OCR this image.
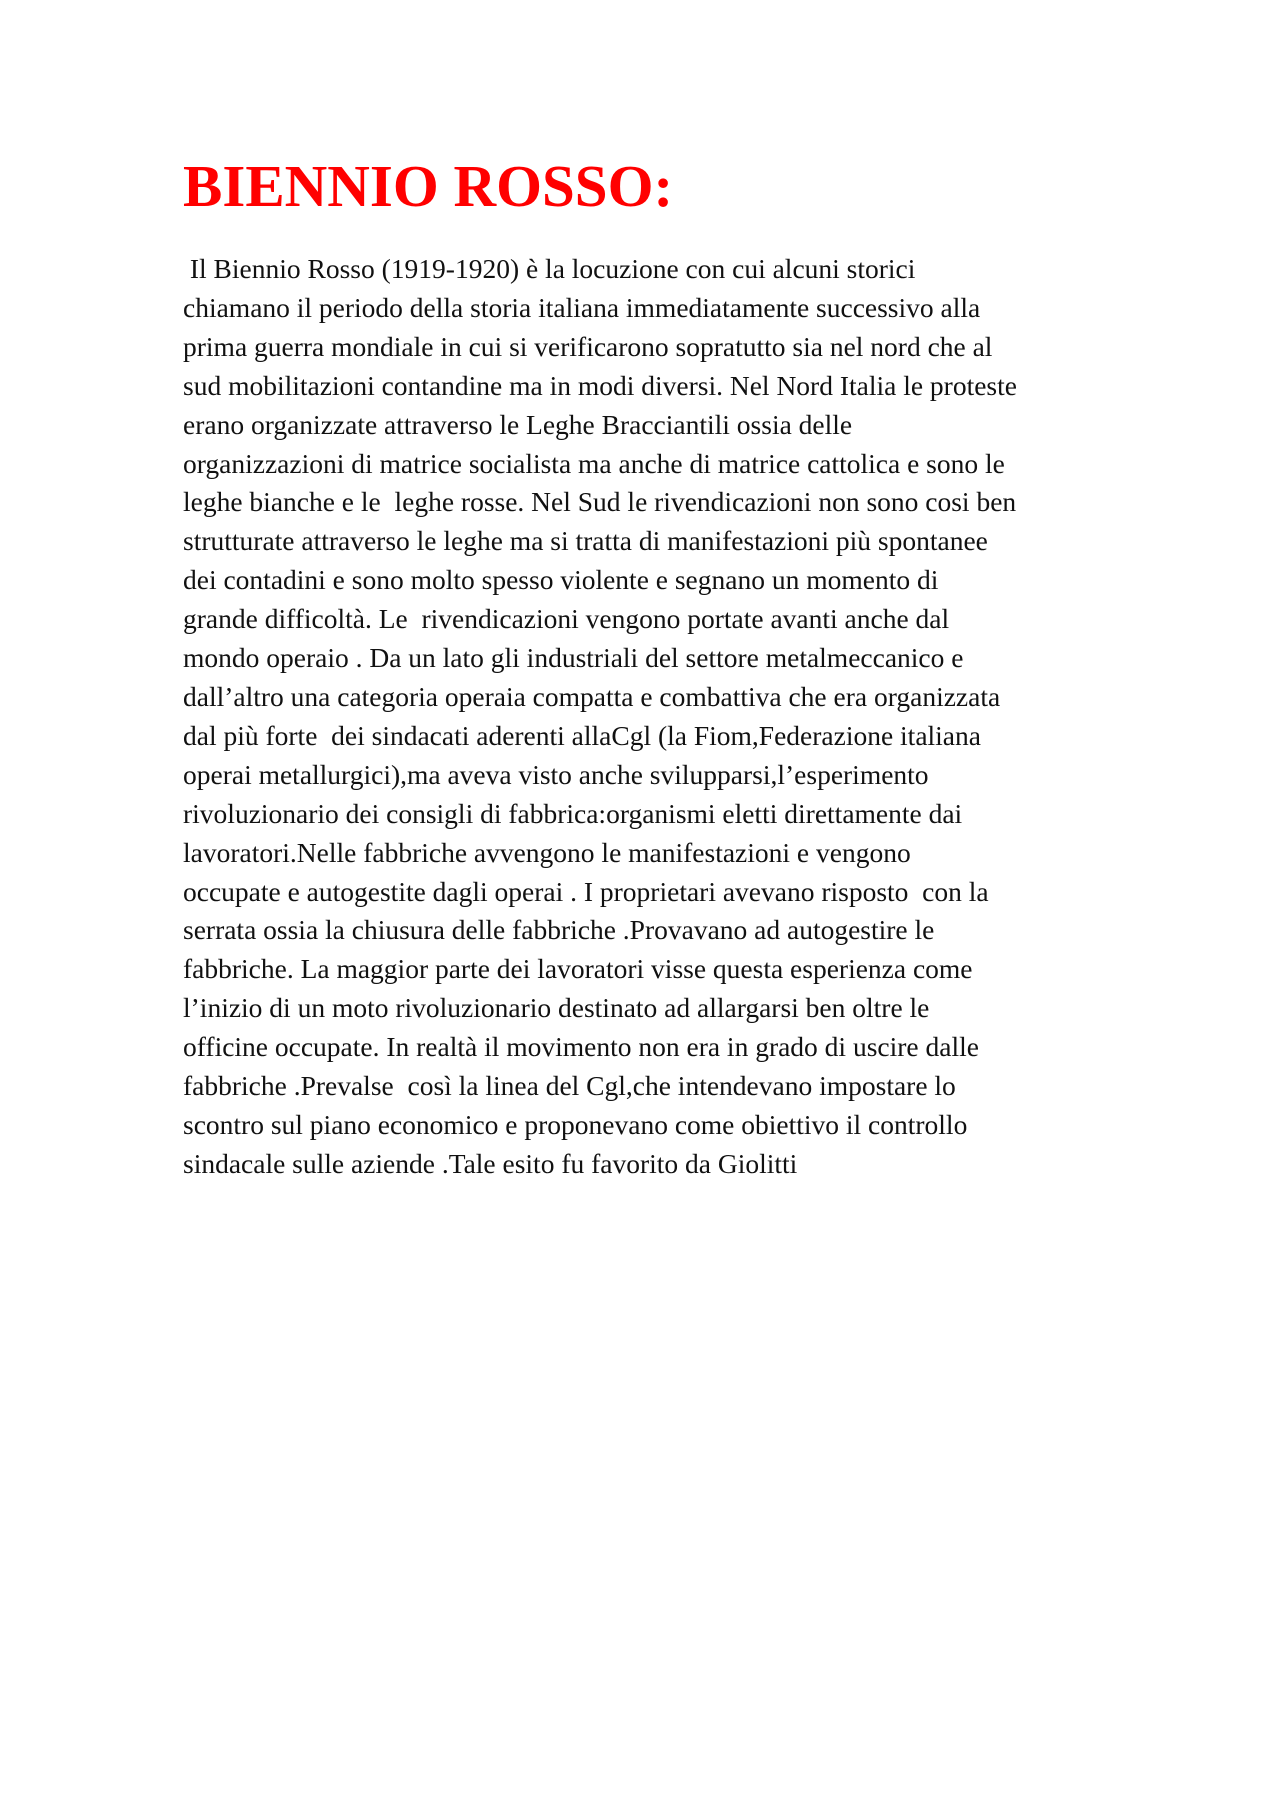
BIENNIO ROSSO:
Il Biennio Rosso (1919-1920) è la locuzione con cui alcuni storici
chiamano il periodo della storia italiana immediatamente successivo alla
prima guerra mondiale in cui si verificarono sopratutto sia nel nord che al
sud mobilitazioni contandine ma in modi diversi. Nel Nord Italia le proteste
erano organizzate attraverso le Leghe Bracciantili ossia delle
organizzazioni di matrice socialista ma anche di matrice cattolica e sono le
leghe bianche e le  leghe rosse. Nel Sud le rivendicazioni non sono cosi ben
strutturate attraverso le leghe ma si tratta di manifestazioni più spontanee
dei contadini e sono molto spesso violente e segnano un momento di
grande difficoltà. Le  rivendicazioni vengono portate avanti anche dal
mondo operaio . Da un lato gli industriali del settore metalmeccanico e
dall’altro una categoria operaia compatta e combattiva che era organizzata
dal più forte  dei sindacati aderenti allaCgl (la Fiom,Federazione italiana
operai metallurgici),ma aveva visto anche svilupparsi,l’esperimento
rivoluzionario dei consigli di fabbrica:organismi eletti direttamente dai
lavoratori.Nelle fabbriche avvengono le manifestazioni e vengono
occupate e autogestite dagli operai . I proprietari avevano risposto  con la
serrata ossia la chiusura delle fabbriche .Provavano ad autogestire le
fabbriche. La maggior parte dei lavoratori visse questa esperienza come
l’inizio di un moto rivoluzionario destinato ad allargarsi ben oltre le
officine occupate. In realtà il movimento non era in grado di uscire dalle
fabbriche .Prevalse  così la linea del Cgl,che intendevano impostare lo
scontro sul piano economico e proponevano come obiettivo il controllo
sindacale sulle aziende .Tale esito fu favorito da Giolitti
